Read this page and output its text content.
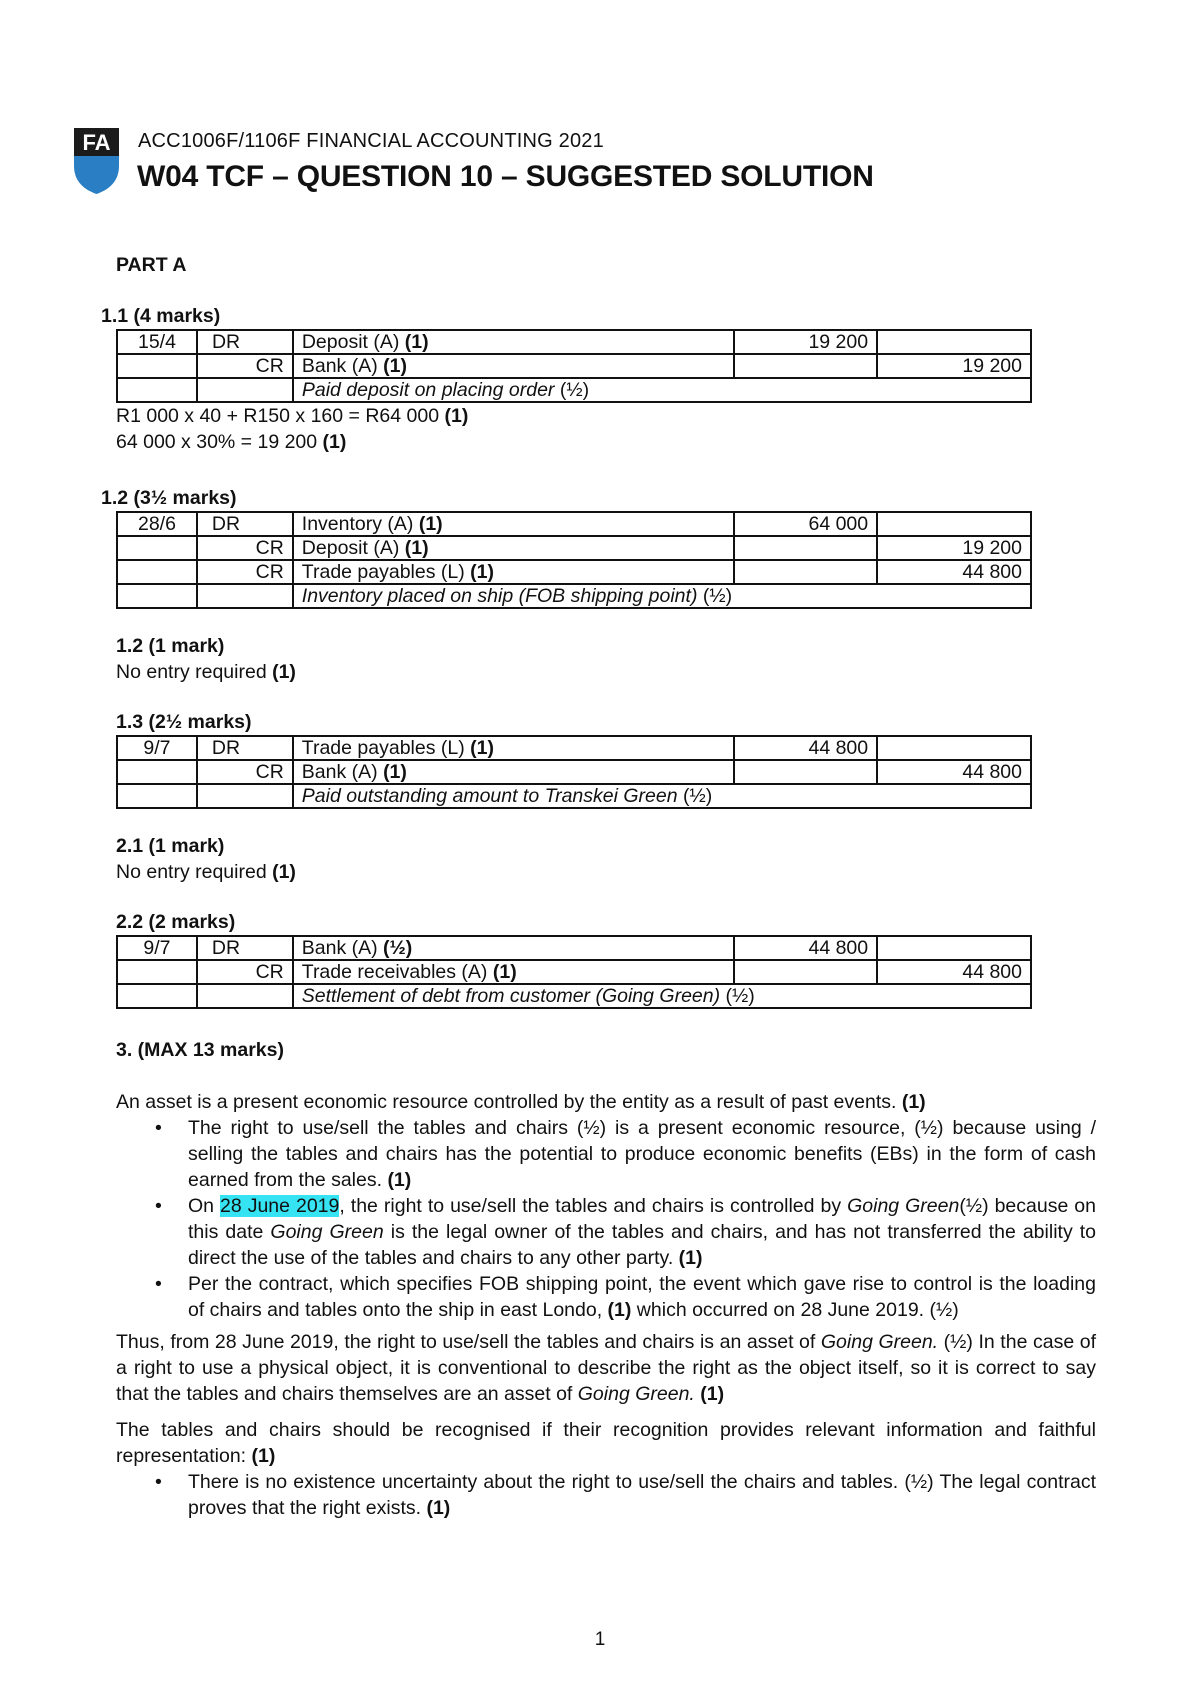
FA ACC1006F/1106F FINANCIAL ACCOUNTING 2021
W04 TCF – QUESTION 10 – SUGGESTED SOLUTION

PART A

1.1 (4 marks)

15/4	DR	Deposit (A) (1)	19 200	
	CR	Bank (A) (1)		19 200
		Paid deposit on placing order (½)		

R1 000 x 40 + R150 x 160 = R64 000 (1)

64 000 x 30% = 19 200 (1)

1.2 (3½ marks)

28/6	DR	Inventory (A) (1)	64 000	
	CR	Deposit (A) (1)		19 200
	CR	Trade payables (L) (1)		44 800
		Inventory placed on ship (FOB shipping point) (½)		

1.2 (1 mark)

No entry required (1)

1.3 (2½ marks)

9/7	DR	Trade payables (L) (1)	44 800	
	CR	Bank (A) (1)		44 800
		Paid outstanding amount to Transkei Green (½)		

2.1 (1 mark)

No entry required (1)

2.2 (2 marks)

9/7	DR	Bank (A) (½)	44 800	
	CR	Trade receivables (A) (1)		44 800
		Settlement of debt from customer (Going Green) (½)		

3. (MAX 13 marks)

An asset is a present economic resource controlled by the entity as a result of past events. (1)

• The right to use/sell the tables and chairs (½) is a present economic resource, (½) because using / selling the tables and chairs has the potential to produce economic benefits (EBs) in the form of cash earned from the sales. (1)
• On 28 June 2019, the right to use/sell the tables and chairs is controlled by Going Green(½) because on this date Going Green is the legal owner of the tables and chairs, and has not transferred the ability to direct the use of the tables and chairs to any other party. (1)
• Per the contract, which specifies FOB shipping point, the event which gave rise to control is the loading of chairs and tables onto the ship in east Londo, (1) which occurred on 28 June 2019. (½)

Thus, from 28 June 2019, the right to use/sell the tables and chairs is an asset of Going Green. (½) In the case of a right to use a physical object, it is conventional to describe the right as the object itself, so it is correct to say that the tables and chairs themselves are an asset of Going Green. (1)

The tables and chairs should be recognised if their recognition provides relevant information and faithful representation: (1)

• There is no existence uncertainty about the right to use/sell the chairs and tables. (½) The legal contract proves that the right exists. (1)
1
